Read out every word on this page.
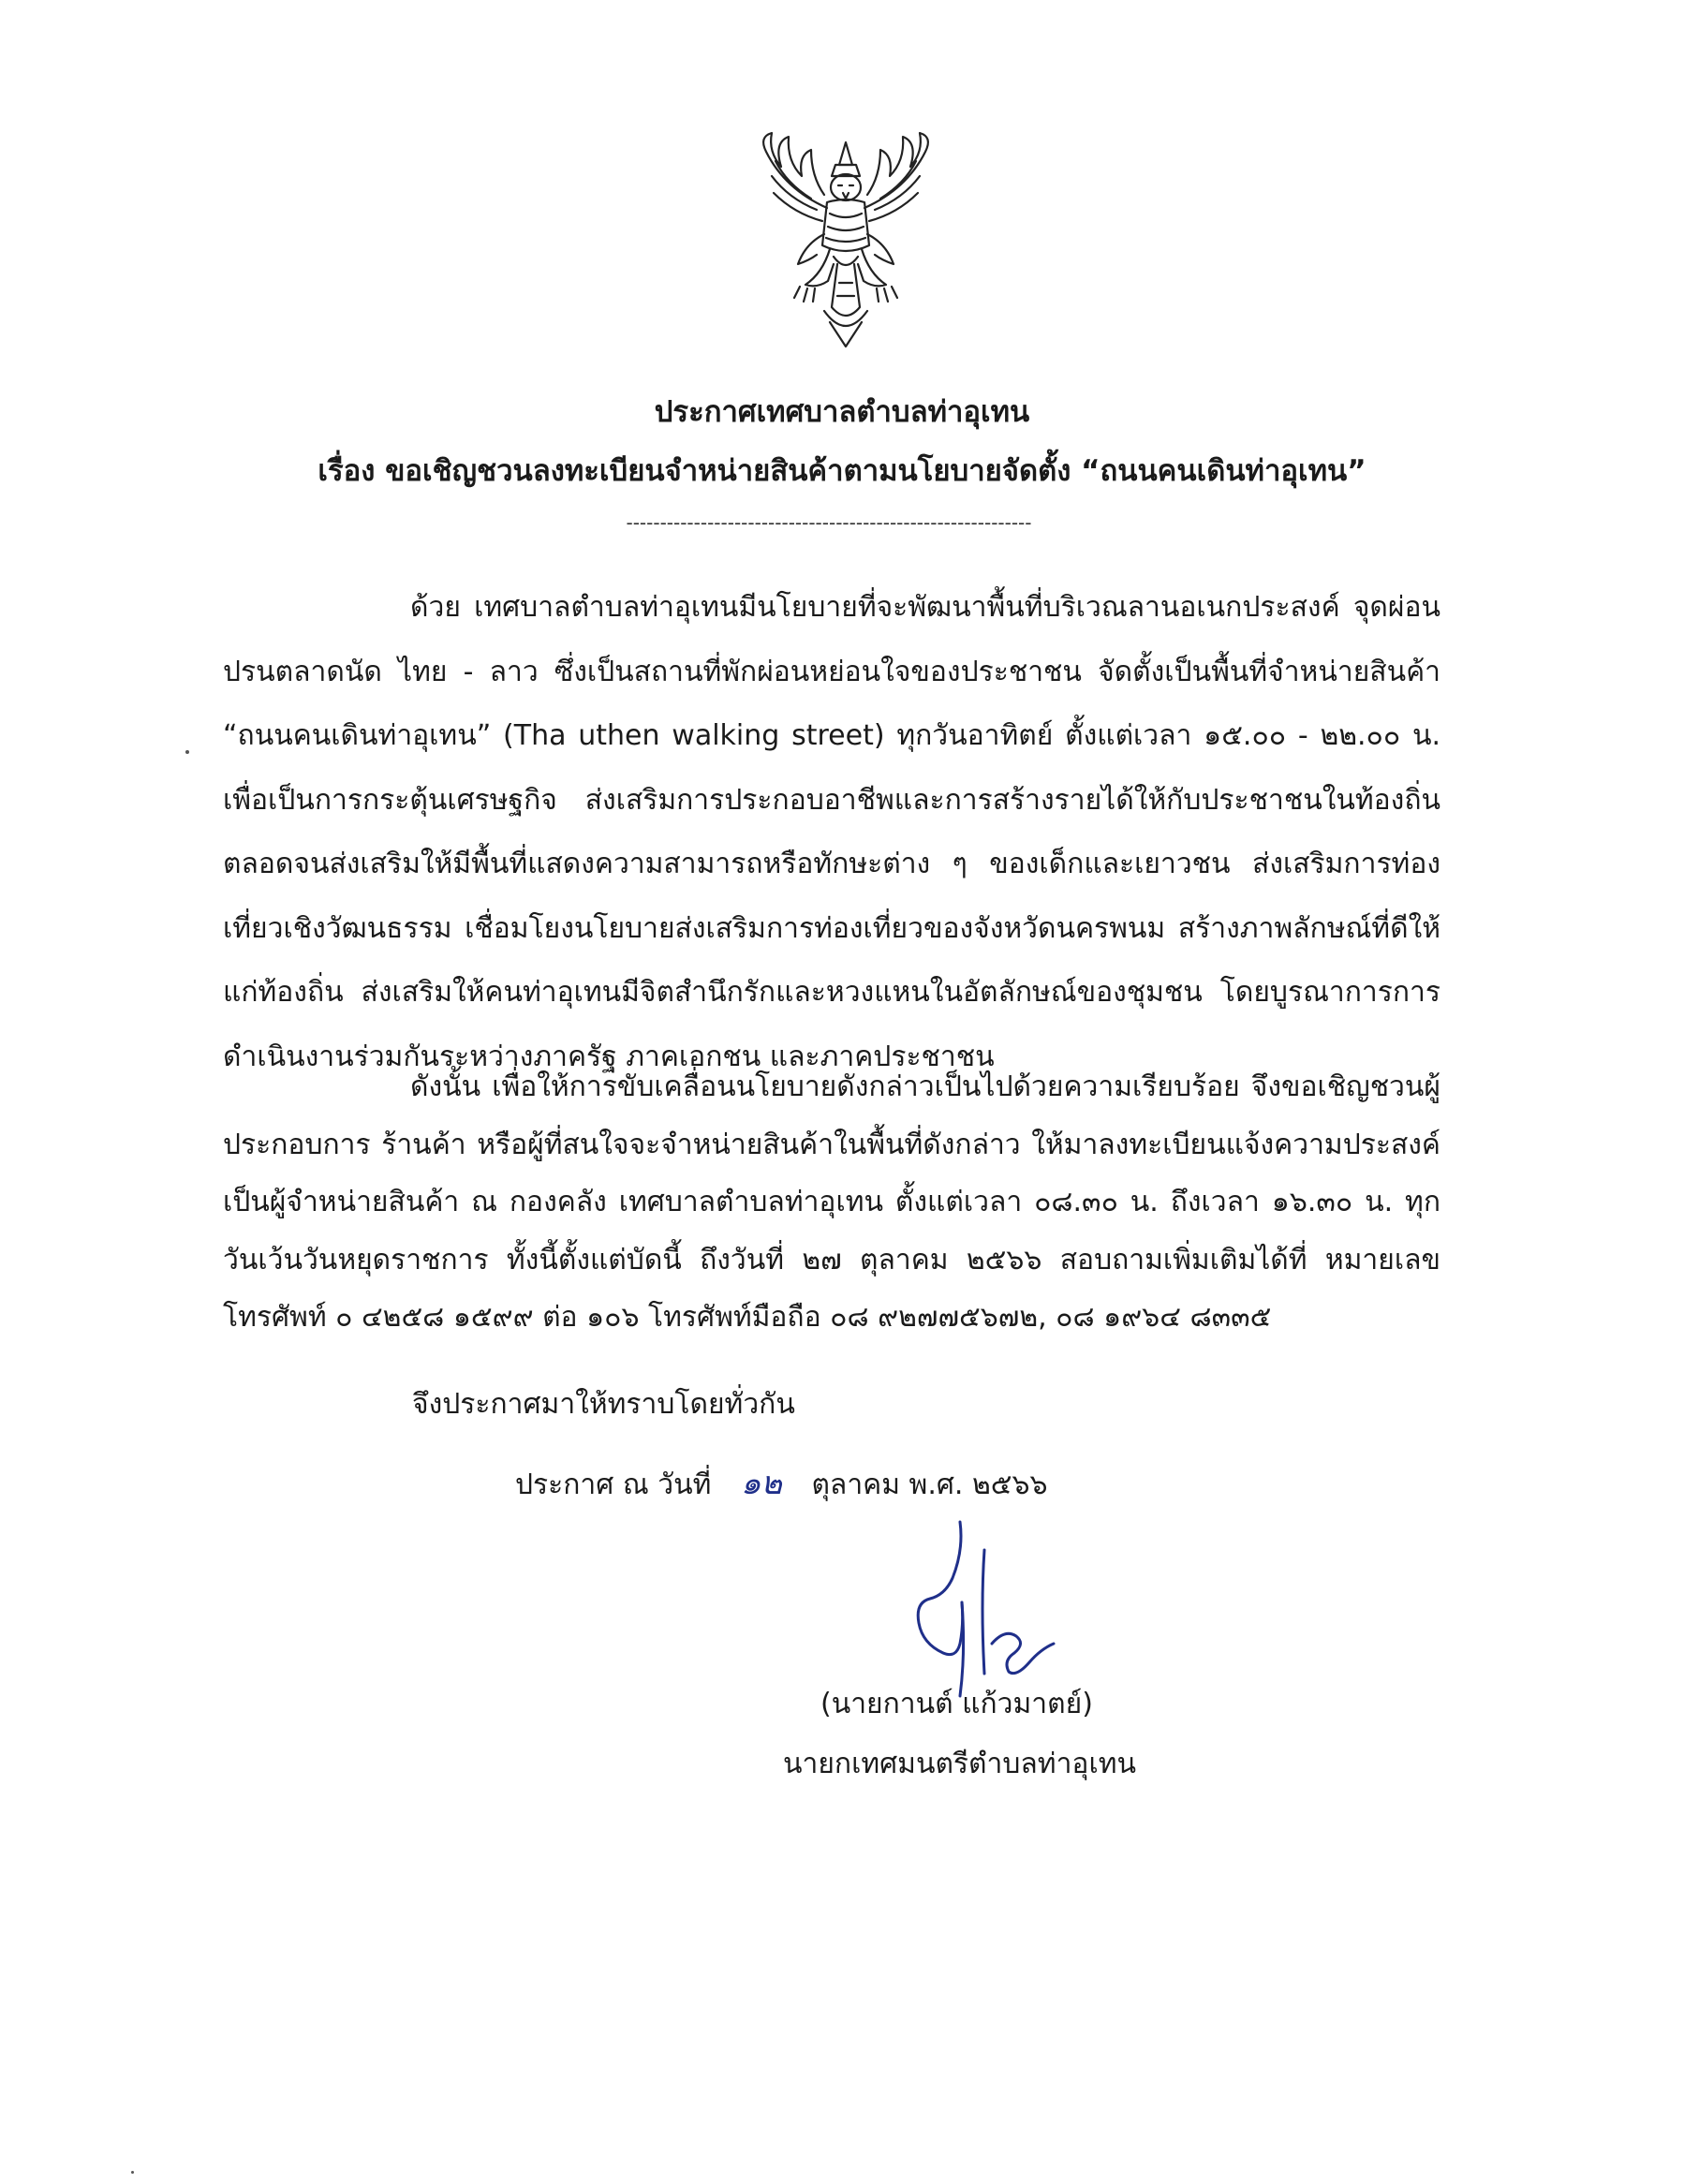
ประกาศเทศบาลตำบลท่าอุเทน
เรื่อง ขอเชิญชวนลงทะเบียนจำหน่ายสินค้าตามนโยบายจัดตั้ง “ถนนคนเดินท่าอุเทน”
------------------------------------------------------------
ด้วย เทศบาลตำบลท่าอุเทนมีนโยบายที่จะพัฒนาพื้นที่บริเวณลานอเนกประสงค์ จุดผ่อนปรนตลาดนัด ไทย - ลาว ซึ่งเป็นสถานที่พักผ่อนหย่อนใจของประชาชน จัดตั้งเป็นพื้นที่จำหน่ายสินค้า “ถนนคนเดินท่าอุเทน” (Tha uthen walking street) ทุกวันอาทิตย์ ตั้งแต่เวลา ๑๕.๐๐ - ๒๒.๐๐ น. เพื่อเป็นการกระตุ้นเศรษฐกิจ ส่งเสริมการประกอบอาชีพและการสร้างรายได้ให้กับประชาชนในท้องถิ่น ตลอดจนส่งเสริมให้มีพื้นที่แสดงความสามารถหรือทักษะต่าง ๆ ของเด็กและเยาวชน ส่งเสริมการท่องเที่ยวเชิงวัฒนธรรม เชื่อมโยงนโยบายส่งเสริมการท่องเที่ยวของจังหวัดนครพนม สร้างภาพลักษณ์ที่ดีให้แก่ท้องถิ่น ส่งเสริมให้คนท่าอุเทนมีจิตสำนึกรักและหวงแหนในอัตลักษณ์ของชุมชน โดยบูรณาการการดำเนินงานร่วมกันระหว่างภาครัฐ ภาคเอกชน และภาคประชาชน
ดังนั้น เพื่อให้การขับเคลื่อนนโยบายดังกล่าวเป็นไปด้วยความเรียบร้อย จึงขอเชิญชวนผู้ประกอบการ ร้านค้า หรือผู้ที่สนใจจะจำหน่ายสินค้าในพื้นที่ดังกล่าว ให้มาลงทะเบียนแจ้งความประสงค์เป็นผู้จำหน่ายสินค้า ณ กองคลัง เทศบาลตำบลท่าอุเทน ตั้งแต่เวลา ๐๘.๓๐ น. ถึงเวลา ๑๖.๓๐ น. ทุกวันเว้นวันหยุดราชการ ทั้งนี้ตั้งแต่บัดนี้ ถึงวันที่ ๒๗ ตุลาคม ๒๕๖๖ สอบถามเพิ่มเติมได้ที่ หมายเลขโทรศัพท์ ๐ ๔๒๕๘ ๑๕๙๙ ต่อ ๑๐๖ โทรศัพท์มือถือ ๐๘ ๙๒๗๗๕๖๗๒, ๐๘ ๑๙๖๔ ๘๓๓๕
จึงประกาศมาให้ทราบโดยทั่วกัน
ประกาศ ณ วันที่ ๑๒ ตุลาคม พ.ศ. ๒๕๖๖
(นายกานต์ แก้วมาตย์)
นายกเทศมนตรีตำบลท่าอุเทน
